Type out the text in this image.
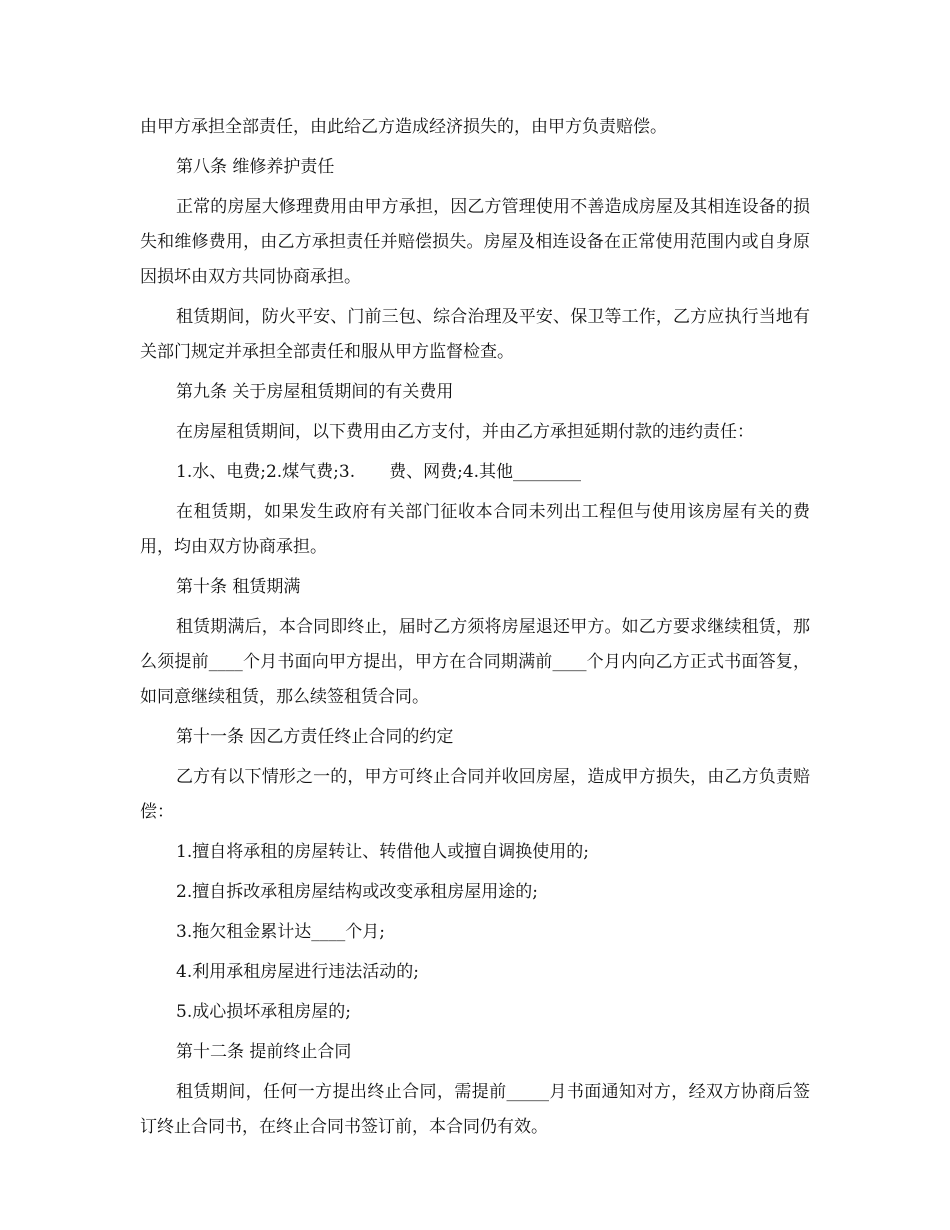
由甲方承担全部责任，由此给乙方造成经济损失的，由甲方负责赔偿。

第八条 维修养护责任

正常的房屋大修理费用由甲方承担，因乙方管理使用不善造成房屋及其相连设备的损失和维修费用，由乙方承担责任并赔偿损失。房屋及相连设备在正常使用范围内或自身原因损坏由双方共同协商承担。

租赁期间，防火平安、门前三包、综合治理及平安、保卫等工作，乙方应执行当地有关部门规定并承担全部责任和服从甲方监督检查。

第九条 关于房屋租赁期间的有关费用

在房屋租赁期间，以下费用由乙方支付，并由乙方承担延期付款的违约责任：

1.水、电费;2.煤气费;3.　　费、网费;4.其他________

在租赁期，如果发生政府有关部门征收本合同未列出工程但与使用该房屋有关的费用，均由双方协商承担。

第十条 租赁期满

租赁期满后，本合同即终止，届时乙方须将房屋退还甲方。如乙方要求继续租赁，那么须提前____个月书面向甲方提出，甲方在合同期满前____个月内向乙方正式书面答复，如同意继续租赁，那么续签租赁合同。

第十一条 因乙方责任终止合同的约定

乙方有以下情形之一的，甲方可终止合同并收回房屋，造成甲方损失，由乙方负责赔偿：

1.擅自将承租的房屋转让、转借他人或擅自调换使用的;

2.擅自拆改承租房屋结构或改变承租房屋用途的;

3.拖欠租金累计达____个月;

4.利用承租房屋进行违法活动的;

5.成心损坏承租房屋的;

第十二条 提前终止合同

租赁期间，任何一方提出终止合同，需提前_____月书面通知对方，经双方协商后签订终止合同书，在终止合同书签订前，本合同仍有效。
